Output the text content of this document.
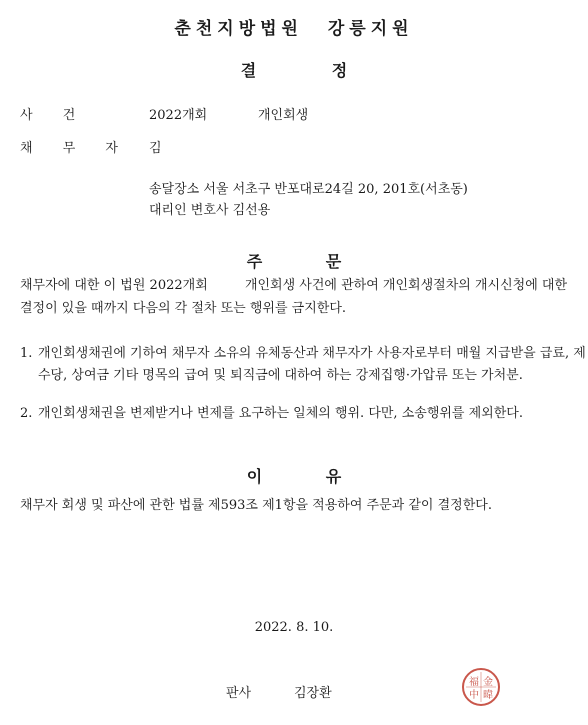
춘천지방법원 강릉지원
결 정
사 건	2022개회	개인회생
채 무 자 김
송달장소 서울 서초구 반포대로24길 20, 201호(서초동)
대리인 변호사 김선용
주 문
채무자에 대한 이 법원 2022개회         개인회생 사건에 관하여 개인회생절차의 개시신청에 대한 결정이 있을 때까지 다음의 각 절차 또는 행위를 금지한다.
1. 개인회생채권에 기하여 채무자 소유의 유체동산과 채무자가 사용자로부터 매월 지급받을 급료, 제수당, 상여금 기타 명목의 급여 및 퇴직금에 대하여 하는 강제집행·가압류 또는 가처분.
2. 개인회생채권을 변제받거나 변제를 요구하는 일체의 행위. 다만, 소송행위를 제외한다.
이 유
채무자 회생 및 파산에 관한 법률 제593조 제1항을 적용하여 주문과 같이 결정한다.
2022. 8. 10.
판사	김장환
福 金
中 暐
